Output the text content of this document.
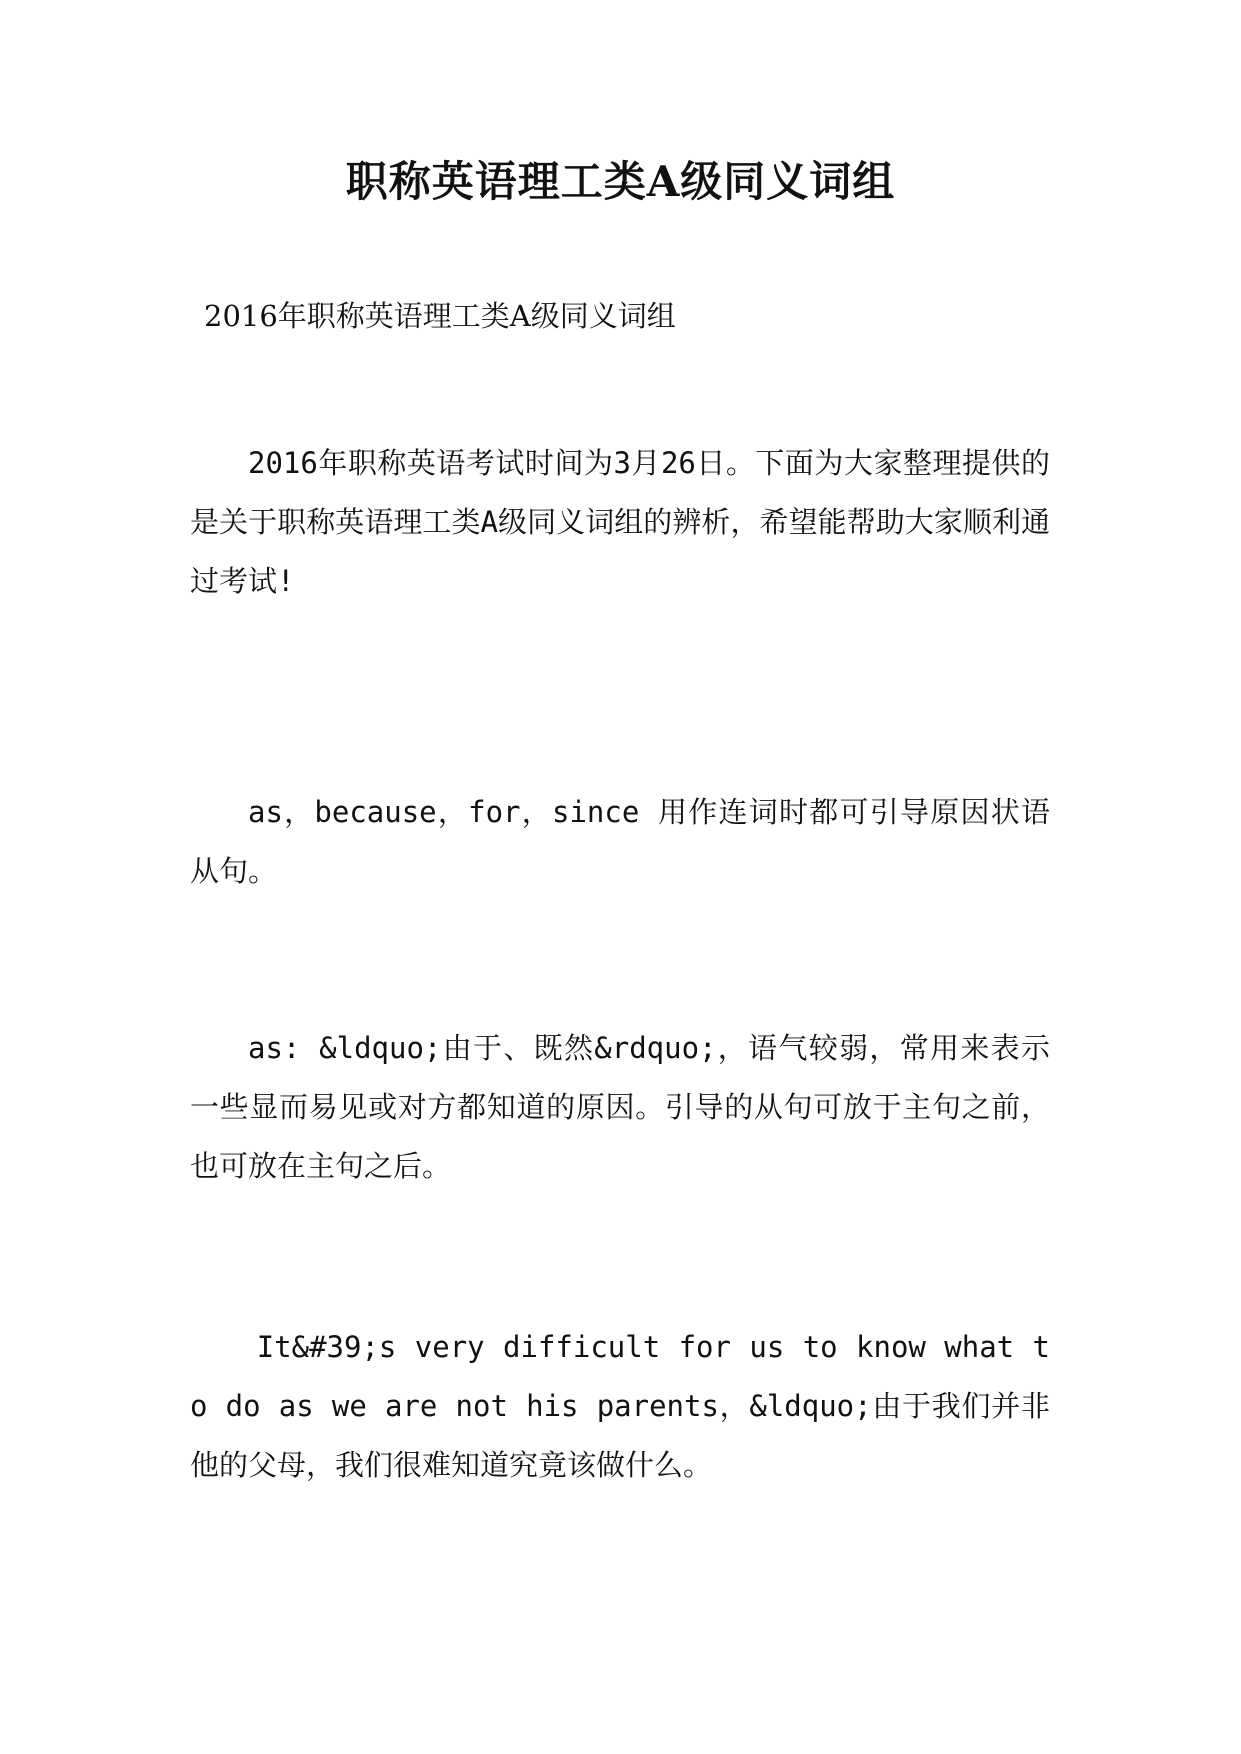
职称英语理工类A级同义词组
2016年职称英语理工类A级同义词组

2016年职称英语考试时间为3月26日。下面为大家整理提供的是关于职称英语理工类A级同义词组的辨析，希望能帮助大家顺利通过考试!

as，because，for，since 用作连词时都可引导原因状语从句。

as: &ldquo;由于、既然&rdquo;，语气较弱，常用来表示一些显而易见或对方都知道的原因。引导的从句可放于主句之前，也可放在主句之后。

It&#39;s very difficult for us to know what to do as we are not his parents，&ldquo;由于我们并非他的父母，我们很难知道究竟该做什么。
